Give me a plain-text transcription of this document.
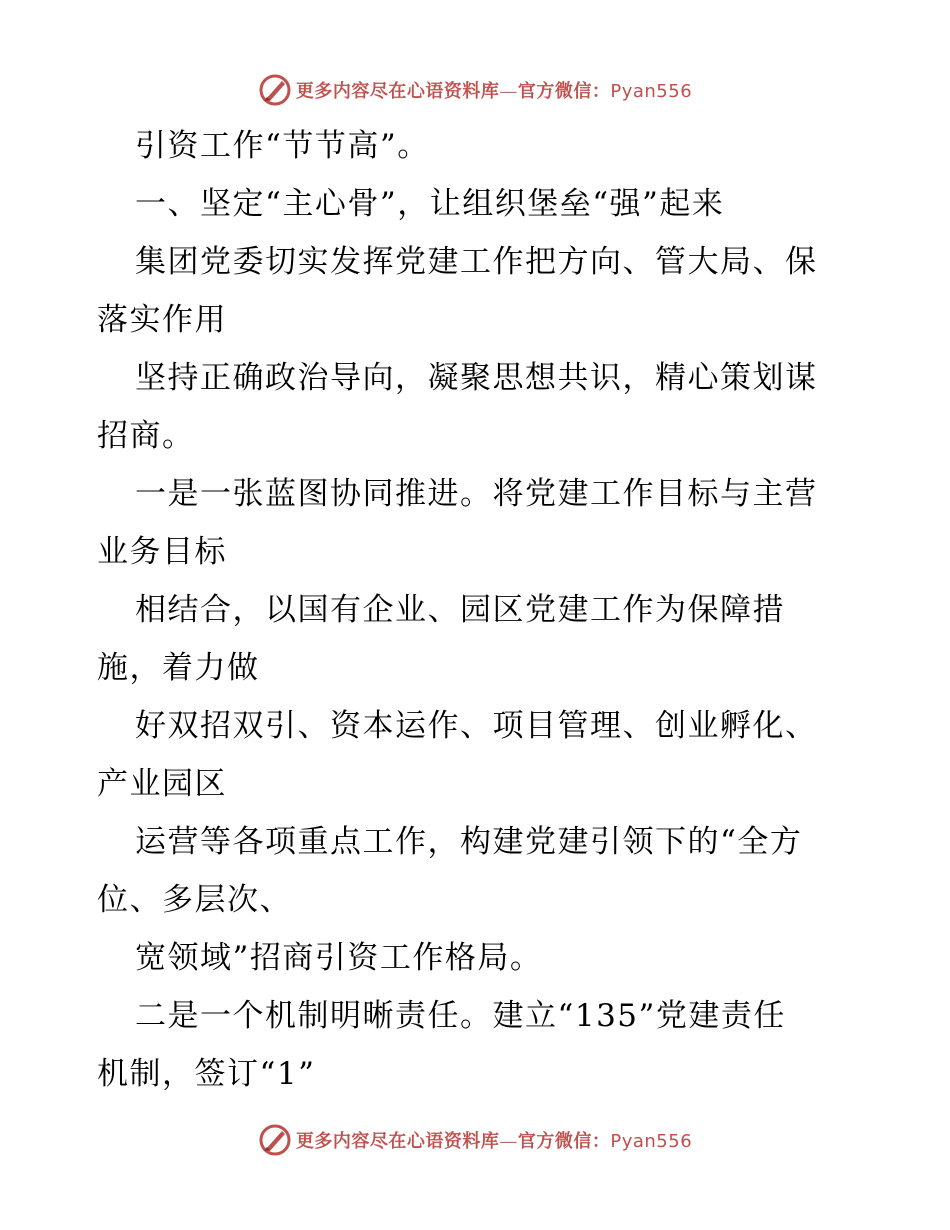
更多内容尽在心语资料库—官方微信：Pyan556
引资工作“节节高”。
一、坚定“主心骨”，让组织堡垒“强”起来
集团党委切实发挥党建工作把方向、管大局、保
落实作用
坚持正确政治导向，凝聚思想共识，精心策划谋
招商。
一是一张蓝图协同推进。将党建工作目标与主营
业务目标
相结合，以国有企业、园区党建工作为保障措
施，着力做
好双招双引、资本运作、项目管理、创业孵化、
产业园区
运营等各项重点工作，构建党建引领下的“全方
位、多层次、
宽领域”招商引资工作格局。
二是一个机制明晰责任。建立“135”党建责任
机制，签订“1”
更多内容尽在心语资料库—官方微信：Pyan556
